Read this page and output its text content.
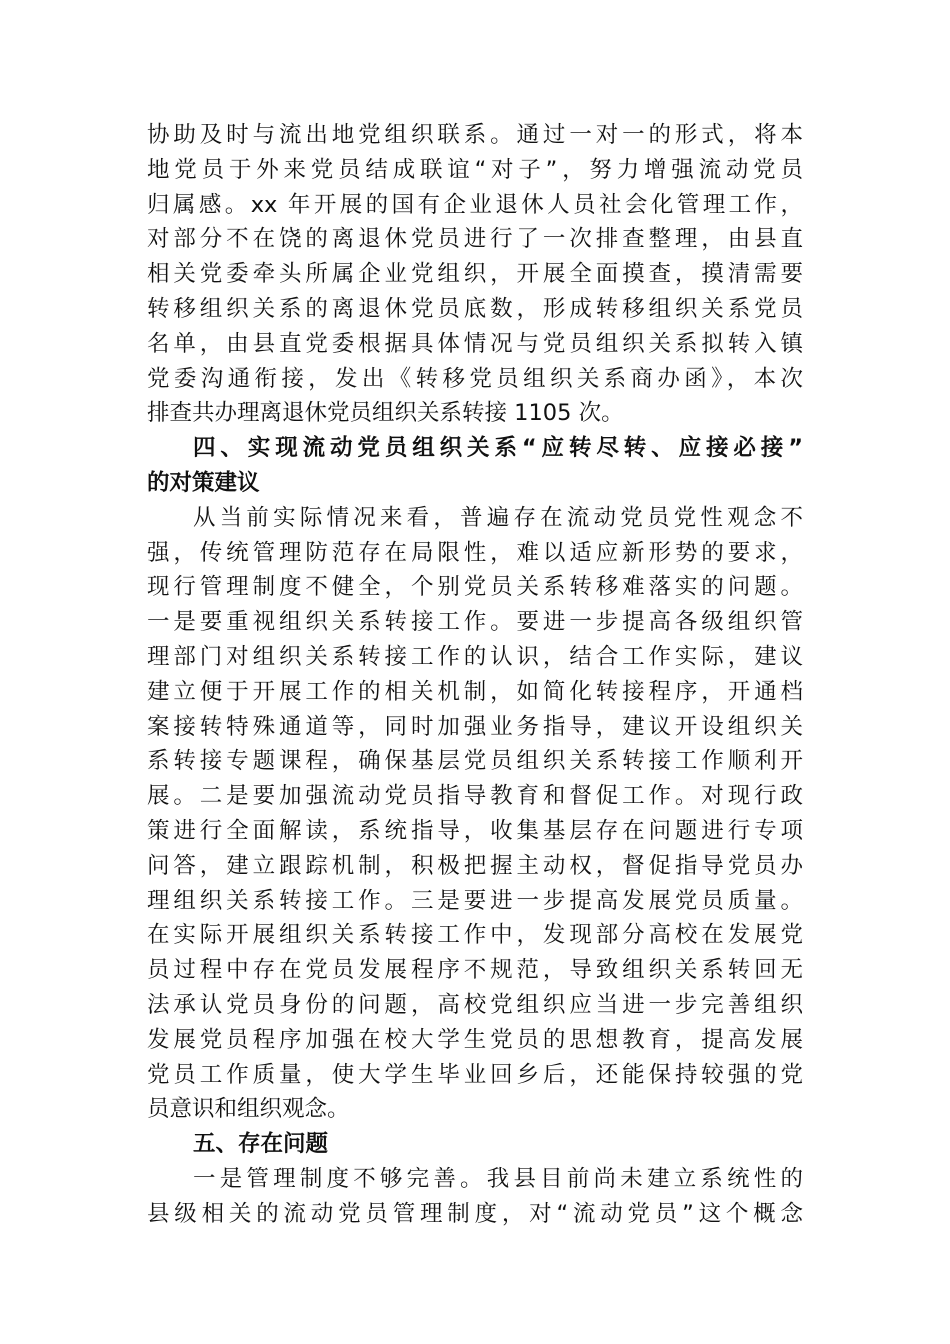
协助及时与流出地党组织联系。通过一对一的形式，将本
地党员于外来党员结成联谊“对子”，努力增强流动党员
归属感。xx 年开展的国有企业退休人员社会化管理工作，
对部分不在饶的离退休党员进行了一次排查整理，由县直
相关党委牵头所属企业党组织，开展全面摸查，摸清需要
转移组织关系的离退休党员底数，形成转移组织关系党员
名单，由县直党委根据具体情况与党员组织关系拟转入镇
党委沟通衔接，发出《转移党员组织关系商办函》，本次
排查共办理离退休党员组织关系转接 1105 次。
四、实现流动党员组织关系“应转尽转、应接必接”
的对策建议
从当前实际情况来看，普遍存在流动党员党性观念不
强，传统管理防范存在局限性，难以适应新形势的要求，
现行管理制度不健全，个别党员关系转移难落实的问题。
一是要重视组织关系转接工作。要进一步提高各级组织管
理部门对组织关系转接工作的认识，结合工作实际，建议
建立便于开展工作的相关机制，如简化转接程序，开通档
案接转特殊通道等，同时加强业务指导，建议开设组织关
系转接专题课程，确保基层党员组织关系转接工作顺利开
展。二是要加强流动党员指导教育和督促工作。对现行政
策进行全面解读，系统指导，收集基层存在问题进行专项
问答，建立跟踪机制，积极把握主动权，督促指导党员办
理组织关系转接工作。三是要进一步提高发展党员质量。
在实际开展组织关系转接工作中，发现部分高校在发展党
员过程中存在党员发展程序不规范，导致组织关系转回无
法承认党员身份的问题，高校党组织应当进一步完善组织
发展党员程序加强在校大学生党员的思想教育，提高发展
党员工作质量，使大学生毕业回乡后，还能保持较强的党
员意识和组织观念。
五、存在问题
一是管理制度不够完善。我县目前尚未建立系统性的
县级相关的流动党员管理制度，对“流动党员”这个概念
